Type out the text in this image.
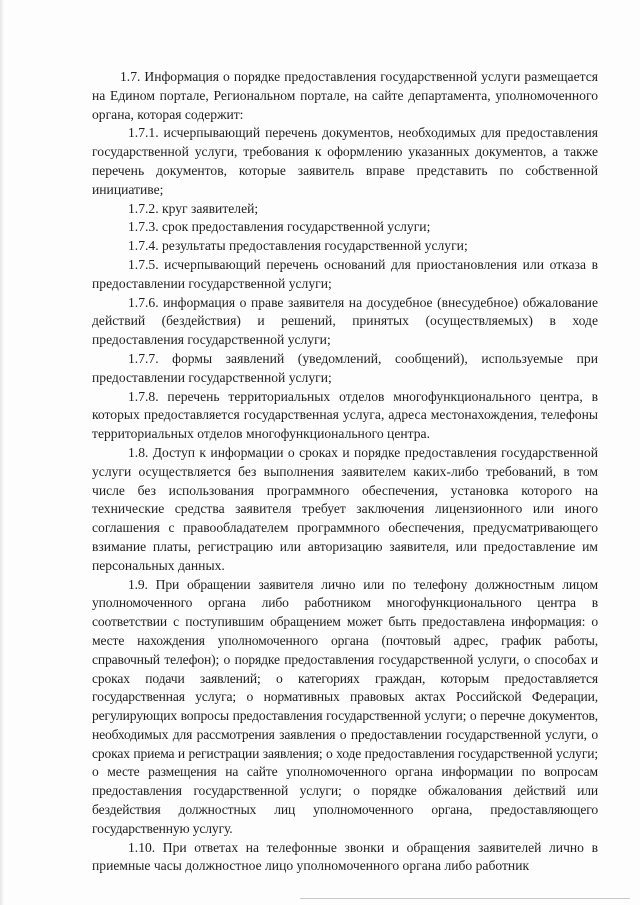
1.7. Информация о порядке предоставления государственной услуги размещается на Едином портале, Региональном портале, на сайте департамента, уполномоченного органа, которая содержит:

1.7.1. исчерпывающий перечень документов, необходимых для предоставления государственной услуги, требования к оформлению указанных документов, а также перечень документов, которые заявитель вправе представить по собственной инициативе;

1.7.2. круг заявителей;

1.7.3. срок предоставления государственной услуги;

1.7.4. результаты предоставления государственной услуги;

1.7.5. исчерпывающий перечень оснований для приостановления или отказа в предоставлении государственной услуги;

1.7.6. информация о праве заявителя на досудебное (внесудебное) обжалование действий (бездействия) и решений, принятых (осуществляемых) в ходе предоставления государственной услуги;

1.7.7. формы заявлений (уведомлений, сообщений), используемые при предоставлении государственной услуги;

1.7.8. перечень территориальных отделов многофункционального центра, в которых предоставляется государственная услуга, адреса местонахождения, телефоны территориальных отделов многофункционального центра.

1.8. Доступ к информации о сроках и порядке предоставления государственной услуги осуществляется без выполнения заявителем каких-либо требований, в том числе без использования программного обеспечения, установка которого на технические средства заявителя требует заключения лицензионного или иного соглашения с правообладателем программного обеспечения, предусматривающего взимание платы, регистрацию или авторизацию заявителя, или предоставление им персональных данных.

1.9. При обращении заявителя лично или по телефону должностным лицом уполномоченного органа либо работником многофункционального центра в соответствии с поступившим обращением может быть предоставлена информация: о месте нахождения уполномоченного органа (почтовый адрес, график работы, справочный телефон); о порядке предоставления государственной услуги, о способах и сроках подачи заявлений; о категориях граждан, которым предоставляется государственная услуга; о нормативных правовых актах Российской Федерации, регулирующих вопросы предоставления государственной услуги; о перечне документов, необходимых для рассмотрения заявления о предоставлении государственной услуги, о сроках приема и регистрации заявления; о ходе предоставления государственной услуги; о месте размещения на сайте уполномоченного органа информации по вопросам предоставления государственной услуги; о порядке обжалования действий или бездействия должностных лиц уполномоченного органа, предоставляющего государственную услугу.

1.10. При ответах на телефонные звонки и обращения заявителей лично в приемные часы должностное лицо уполномоченного органа либо работник
